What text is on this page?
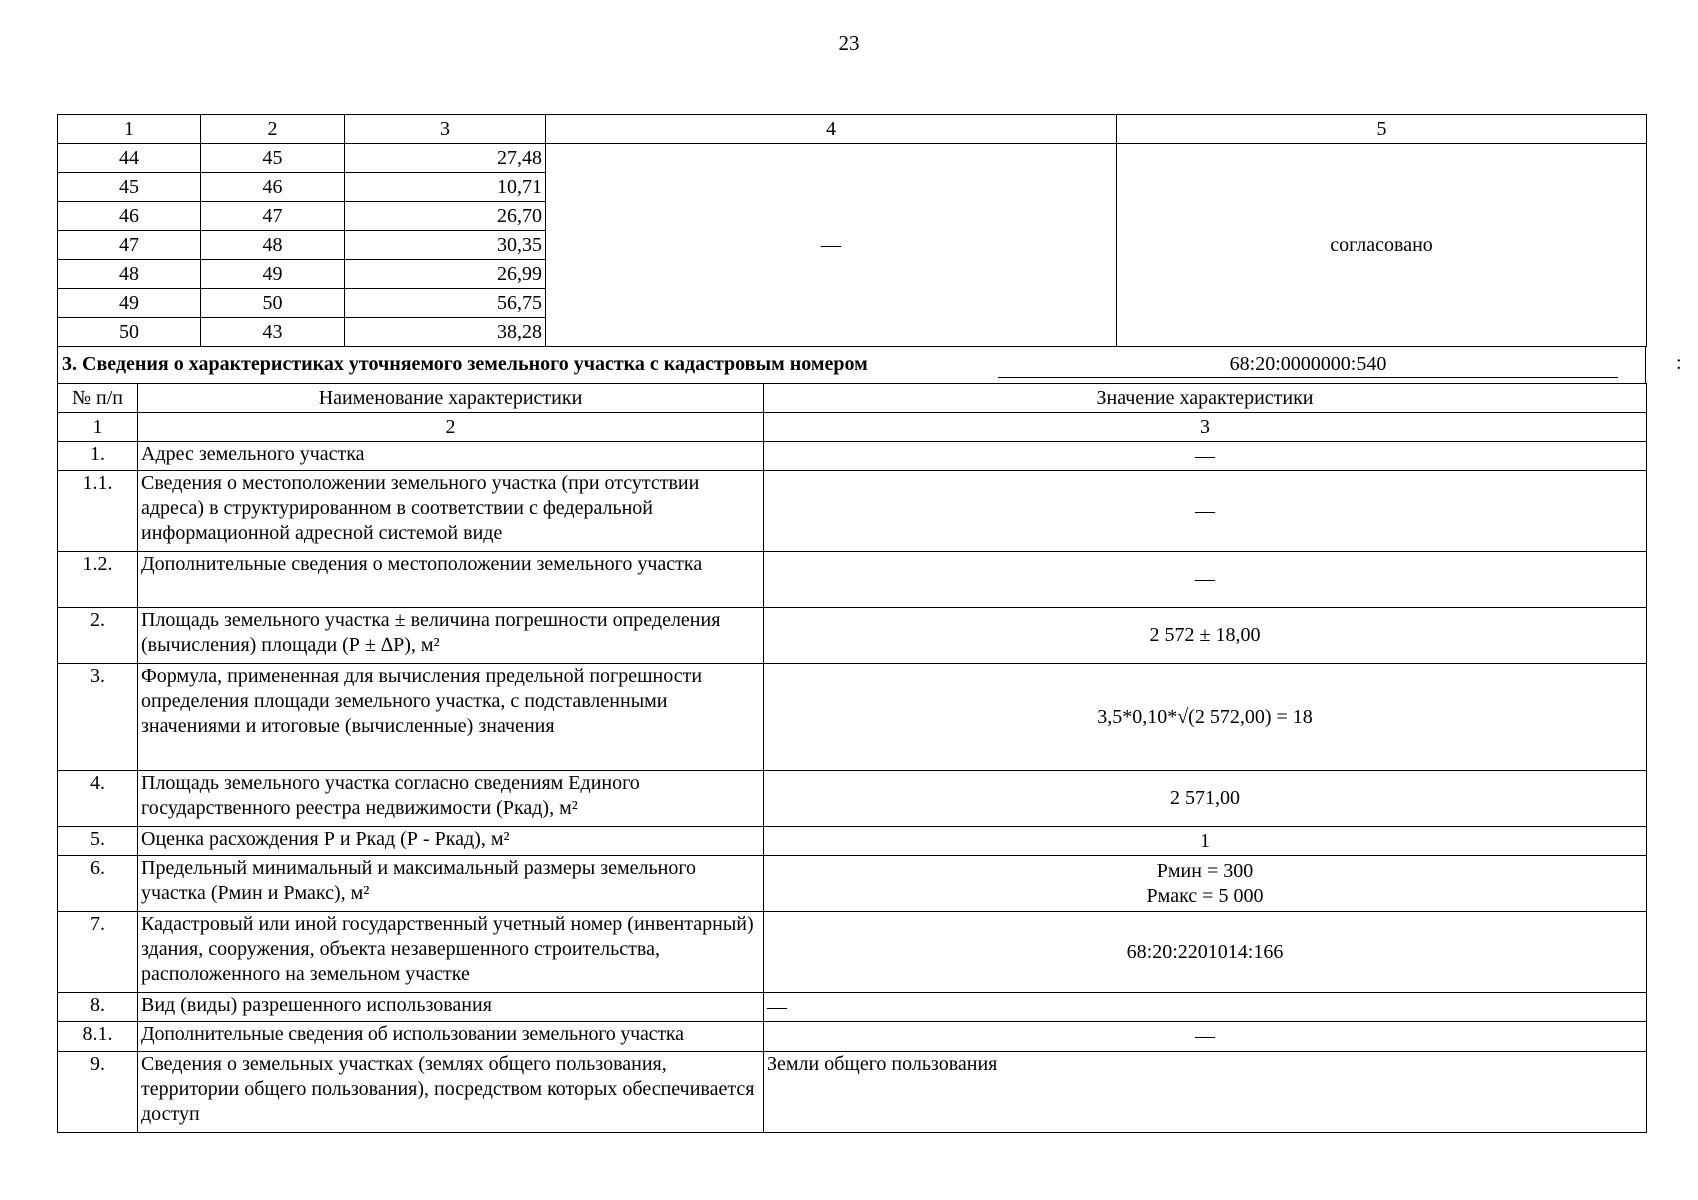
23
1	2	3	4	5
44	45	27,48	—	согласовано
45	46	10,71		
46	47	26,70		
47	48	30,35		
48	49	26,99		
49	50	56,75		
50	43	38,28		
3. Сведения о характеристиках уточняемого земельного участка с кадастровым номером	68:20:0000000:540	:
№ п/п	Наименование характеристики	Значение характеристики
1	2	3
1.	Адрес земельного участка	—
1.1.	Сведения о местоположении земельного участка (при отсутствии адреса) в структурированном в соответствии с федеральной информационной адресной системой виде	—
1.2.	Дополнительные сведения о местоположении земельного участка	—
2.	Площадь земельного участка ± величина погрешности определения (вычисления) площади (Р ± ∆Р), м²	2 572 ± 18,00
3.	Формула, примененная для вычисления предельной погрешности определения площади земельного участка, с подставленными значениями и итоговые (вычисленные) значения	3,5*0,10*√(2 572,00) = 18
4.	Площадь земельного участка согласно сведениям Единого государственного реестра недвижимости (Ркад), м²	2 571,00
5.	Оценка расхождения Р и Ркад (Р - Ркад), м²	1
6.	Предельный минимальный и максимальный размеры земельного участка (Рмин и Рмакс), м²	Рмин = 300
Рмакс = 5 000

7.	Кадастровый или иной государственный учетный номер (инвентарный) здания, сооружения, объекта незавершенного строительства, расположенного на земельном участке	68:20:2201014:166
8.	Вид (виды) разрешенного использования	—
8.1.	Дополнительные сведения об использовании земельного участка	—
9.	Сведения о земельных участках (землях общего пользования, территории общего пользования), посредством которых обеспечивается доступ	Земли общего пользования
